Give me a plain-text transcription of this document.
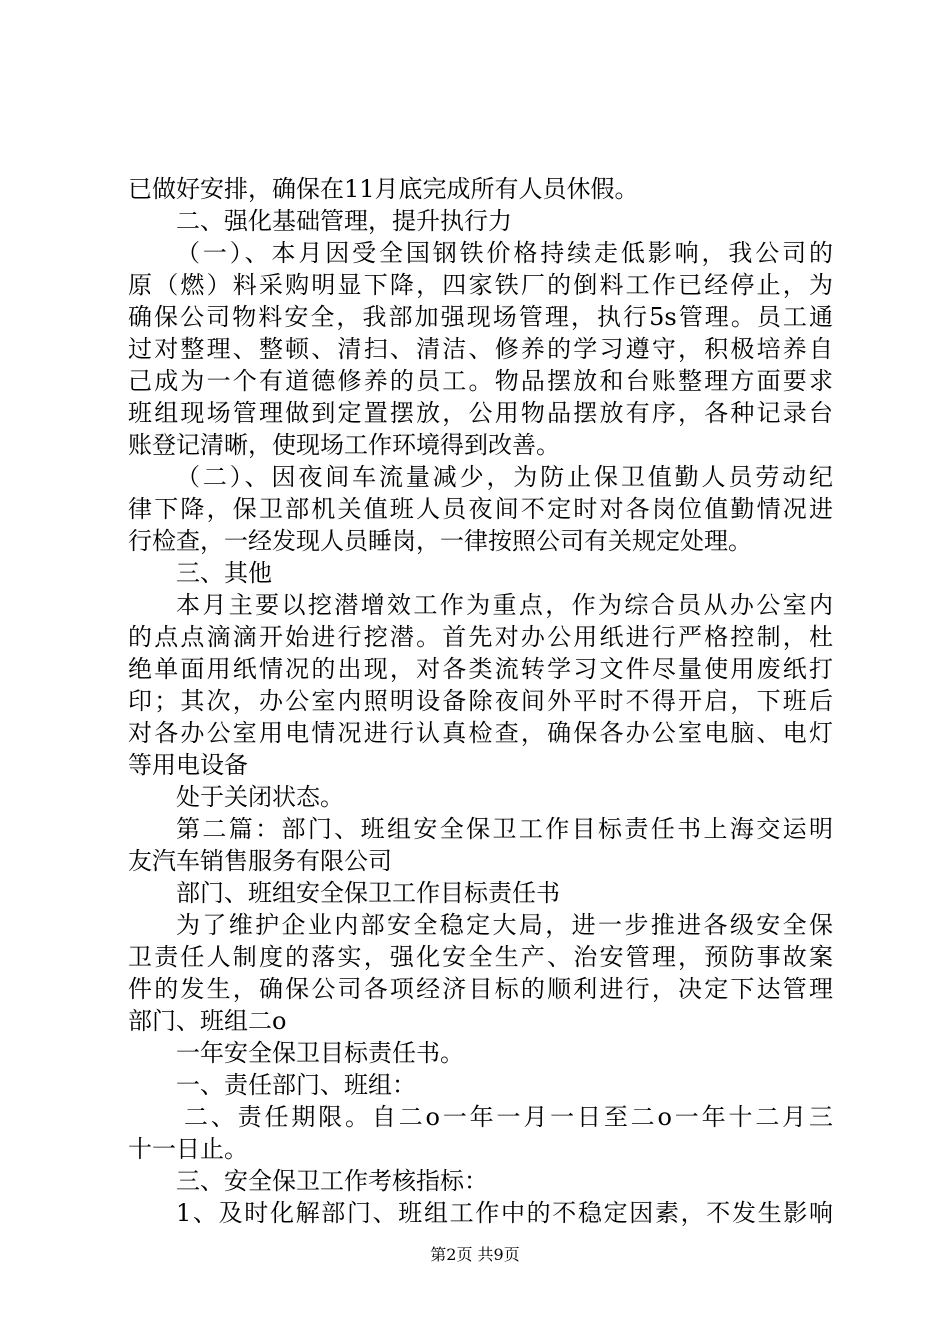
已做好安排，确保在11月底完成所有人员休假。
二、强化基础管理，提升执行力
（一）、本月因受全国钢铁价格持续走低影响，我公司的
原（燃）料采购明显下降，四家铁厂的倒料工作已经停止，为
确保公司物料安全，我部加强现场管理，执行5s管理。员工通
过对整理、整顿、清扫、清洁、修养的学习遵守，积极培养自
己成为一个有道德修养的员工。物品摆放和台账整理方面要求
班组现场管理做到定置摆放，公用物品摆放有序，各种记录台
账登记清晰，使现场工作环境得到改善。
（二）、因夜间车流量减少，为防止保卫值勤人员劳动纪
律下降，保卫部机关值班人员夜间不定时对各岗位值勤情况进
行检查，一经发现人员睡岗，一律按照公司有关规定处理。
三、其他
本月主要以挖潜增效工作为重点，作为综合员从办公室内
的点点滴滴开始进行挖潜。首先对办公用纸进行严格控制，杜
绝单面用纸情况的出现，对各类流转学习文件尽量使用废纸打
印；其次，办公室内照明设备除夜间外平时不得开启，下班后
对各办公室用电情况进行认真检查，确保各办公室电脑、电灯
等用电设备
处于关闭状态。
第二篇：部门、班组安全保卫工作目标责任书上海交运明
友汽车销售服务有限公司
部门、班组安全保卫工作目标责任书
为了维护企业内部安全稳定大局，进一步推进各级安全保
卫责任人制度的落实，强化安全生产、治安管理，预防事故案
件的发生，确保公司各项经济目标的顺利进行，决定下达管理
部门、班组二o
一年安全保卫目标责任书。
一、责任部门、班组：
二、责任期限。自二o一年一月一日至二o一年十二月三
十一日止。
三、安全保卫工作考核指标：
1、及时化解部门、班组工作中的不稳定因素，不发生影响
第2页 共9页
